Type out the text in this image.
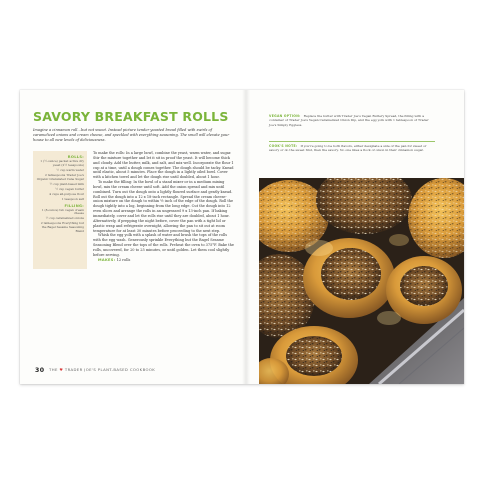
SAVORY BREAKFAST ROLLS
Imagine a cinnamon roll…but not sweet. Instead picture tender yeasted bread filled with swirls of caramelized onions and cream cheese, and speckled with everything seasoning. The smell will elevate your house to all new levels of deliciousness.
ROLLS:
1 (¼-ounce) packet active dry yeast (2¼ teaspoons)
½ cup warm water
2 tablespoons Trader Joe's Organic Granulated Cane Sugar
¾ cup plant-based milk
¼ cup vegan butter
4 cups all-purpose flour
1 teaspoon salt
FILLING:
1 (8-ounce) tub vegan cream cheese
½ cup caramelized onions
2 tablespoons Everything but the Bagel Sesame Seasoning Blend

To make the rolls: In a large bowl, combine the yeast, warm water, and sugar. Stir the mixture together and let it sit in proof the yeast. It will become thick and cloudy. Add the butter, milk, and salt, and mix well. Incorporate the flour 1 cup at a time, until a dough comes together. The dough should be tacky. Knead until elastic, about 5 minutes. Place the dough in a lightly oiled bowl. Cover with a kitchen towel and let the dough rise until doubled, about 1 hour.

To make the filling: In the bowl of a stand mixer or in a medium mixing bowl, mix the cream cheese until soft. Add the onion spread and mix until combined. Turn out the dough onto a lightly floured surface and gently knead. Roll out the dough into a 12 x 18-inch rectangle. Spread the cream cheese-onion mixture on the dough to within ½ inch of the edge of the dough. Roll the dough tightly into a log, beginning from the long edge. Cut the dough into 12 even slices and arrange the rolls in an ungreased 9 x 13-inch pan. If baking immediately, cover and let the rolls rise until they are doubled, about 1 hour. Alternatively, if prepping the night before, cover the pan with a tight lid or plastic wrap and refrigerate overnight, allowing the pan to sit out at room temperature for at least 30 minutes before proceeding to the next step.

Whisk the egg yolk with a splash of water and brush the tops of the rolls with the egg wash. Generously sprinkle Everything but the Bagel Sesame Seasoning Blend over the tops of the rolls. Preheat the oven to 375°F. Bake the rolls, uncovered, for 20 to 25 minutes, or until golden. Let them cool slightly before serving.

MAKES: 12 rolls
30 THE ♥ TRADER JOE'S PLANT-BASED COOKBOOK
VEGAN OPTION: Replace the butter with Trader Joe's Vegan Buttery Spread, the filling with a container of Trader Joe's Vegan Caramelized Onion Dip, and the egg yolk with 1 tablespoon of Trader Joe's Simply Eggless.
COOK'S NOTE: If you're going to be both flavors, either designate a side of the pan for sweet or savory or do the sweet first, then the savory. No one likes a flock of onion in their cinnamon sugar.
